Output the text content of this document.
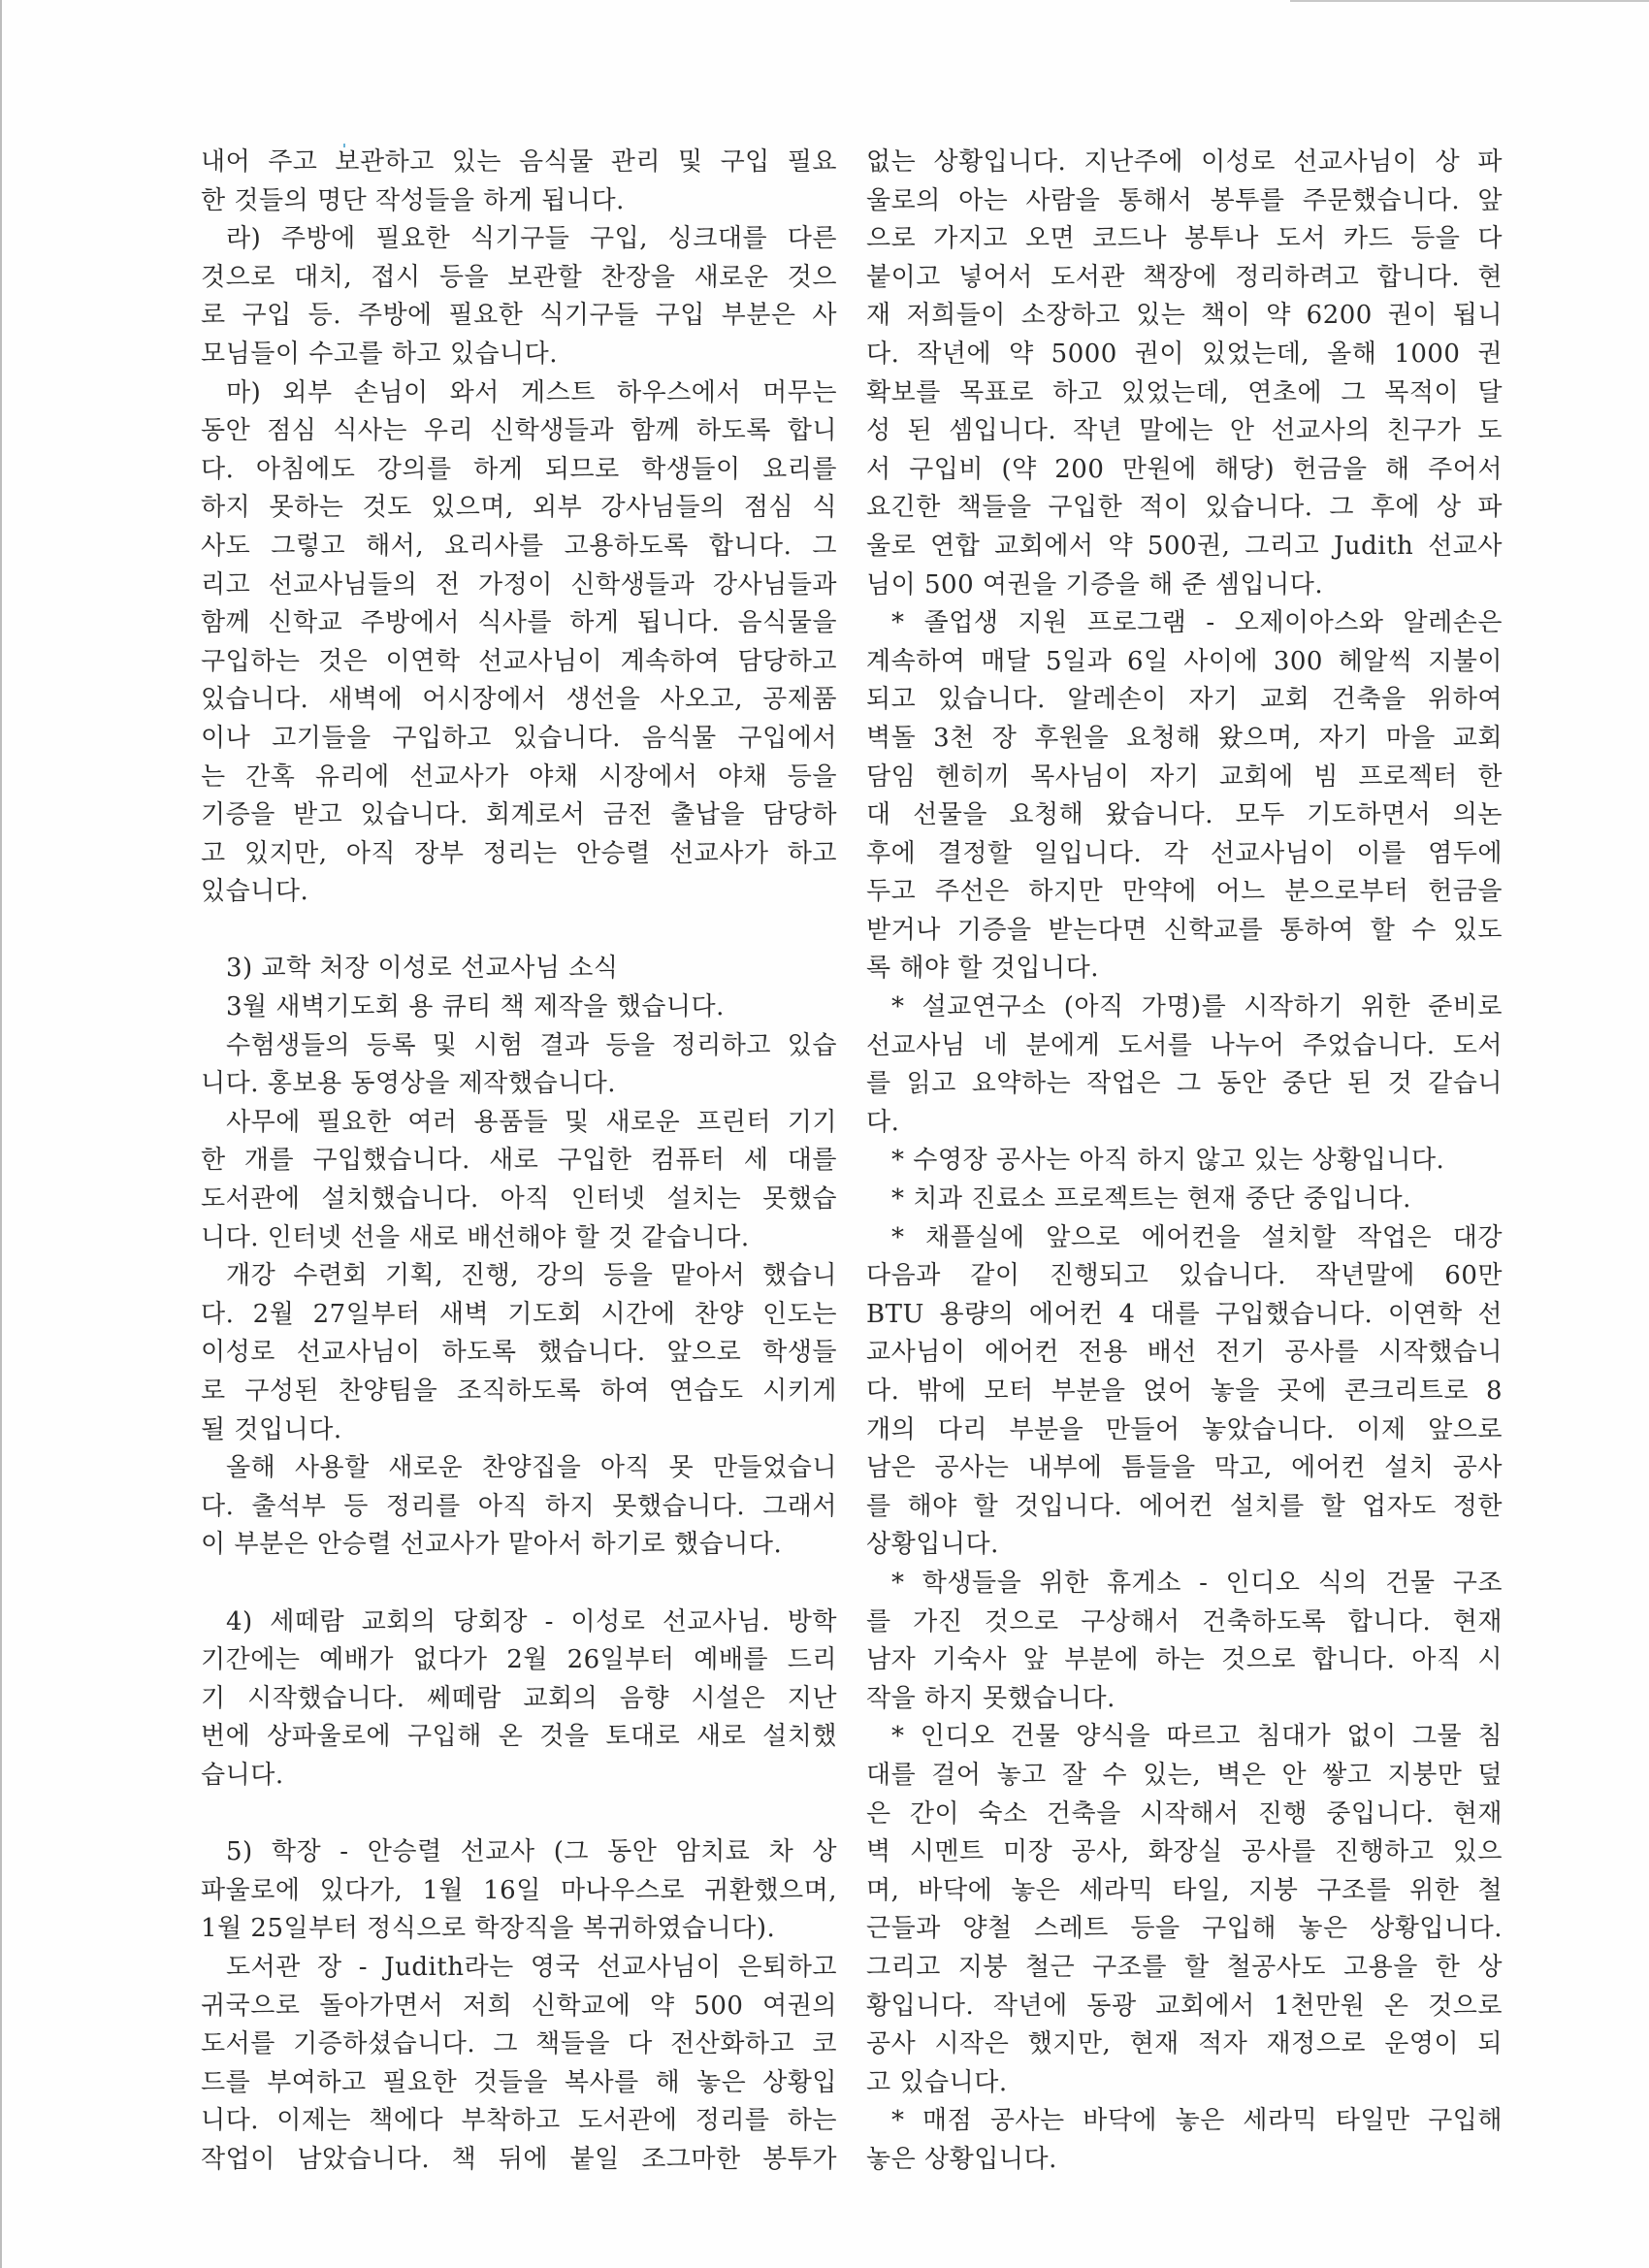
내어 주고 보관하고 있는 음식물 관리 및 구입 필요
한 것들의 명단 작성들을 하게 됩니다.
라) 주방에 필요한 식기구들 구입, 싱크대를 다른
것으로 대치, 접시 등을 보관할 찬장을 새로운 것으
로 구입 등. 주방에 필요한 식기구들 구입 부분은 사
모님들이 수고를 하고 있습니다.
마) 외부 손님이 와서 게스트 하우스에서 머무는
동안 점심 식사는 우리 신학생들과 함께 하도록 합니
다. 아침에도 강의를 하게 되므로 학생들이 요리를
하지 못하는 것도 있으며, 외부 강사님들의 점심 식
사도 그렇고 해서, 요리사를 고용하도록 합니다. 그
리고 선교사님들의 전 가정이 신학생들과 강사님들과
함께 신학교 주방에서 식사를 하게 됩니다. 음식물을
구입하는 것은 이연학 선교사님이 계속하여 담당하고
있습니다. 새벽에 어시장에서 생선을 사오고, 공제품
이나 고기들을 구입하고 있습니다. 음식물 구입에서
는 간혹 유리에 선교사가 야채 시장에서 야채 등을
기증을 받고 있습니다. 회계로서 금전 출납을 담당하
고 있지만, 아직 장부 정리는 안승렬 선교사가 하고
있습니다.
3) 교학 처장 이성로 선교사님 소식
3월 새벽기도회 용 큐티 책 제작을 했습니다.
수험생들의 등록 및 시험 결과 등을 정리하고 있습
니다. 홍보용 동영상을 제작했습니다.
사무에 필요한 여러 용품들 및 새로운 프린터 기기
한 개를 구입했습니다. 새로 구입한 컴퓨터 세 대를
도서관에 설치했습니다. 아직 인터넷 설치는 못했습
니다. 인터넷 선을 새로 배선해야 할 것 같습니다.
개강 수련회 기획, 진행, 강의 등을 맡아서 했습니
다. 2월 27일부터 새벽 기도회 시간에 찬양 인도는
이성로 선교사님이 하도록 했습니다. 앞으로 학생들
로 구성된 찬양팀을 조직하도록 하여 연습도 시키게
될 것입니다.
올해 사용할 새로운 찬양집을 아직 못 만들었습니
다. 출석부 등 정리를 아직 하지 못했습니다. 그래서
이 부분은 안승렬 선교사가 맡아서 하기로 했습니다.
4) 세떼람 교회의 당회장 - 이성로 선교사님. 방학
기간에는 예배가 없다가 2월 26일부터 예배를 드리
기 시작했습니다. 쎄떼람 교회의 음향 시설은 지난
번에 상파울로에 구입해 온 것을 토대로 새로 설치했
습니다.
5) 학장 - 안승렬 선교사 (그 동안 암치료 차 상
파울로에 있다가, 1월 16일 마나우스로 귀환했으며,
1월 25일부터 정식으로 학장직을 복귀하였습니다).
도서관 장 - Judith라는 영국 선교사님이 은퇴하고
귀국으로 돌아가면서 저희 신학교에 약 500 여권의
도서를 기증하셨습니다. 그 책들을 다 전산화하고 코
드를 부여하고 필요한 것들을 복사를 해 놓은 상황입
니다. 이제는 책에다 부착하고 도서관에 정리를 하는
작업이 남았습니다. 책 뒤에 붙일 조그마한 봉투가
없는 상황입니다. 지난주에 이성로 선교사님이 상 파
울로의 아는 사람을 통해서 봉투를 주문했습니다. 앞
으로 가지고 오면 코드나 봉투나 도서 카드 등을 다
붙이고 넣어서 도서관 책장에 정리하려고 합니다. 현
재 저희들이 소장하고 있는 책이 약 6200 권이 됩니
다. 작년에 약 5000 권이 있었는데, 올해 1000 권
확보를 목표로 하고 있었는데, 연초에 그 목적이 달
성 된 셈입니다. 작년 말에는 안 선교사의 친구가 도
서 구입비 (약 200 만원에 해당) 헌금을 해 주어서
요긴한 책들을 구입한 적이 있습니다. 그 후에 상 파
울로 연합 교회에서 약 500권, 그리고 Judith 선교사
님이 500 여권을 기증을 해 준 셈입니다.
* 졸업생 지원 프로그램 - 오제이아스와 알레손은
계속하여 매달 5일과 6일 사이에 300 헤알씩 지불이
되고 있습니다. 알레손이 자기 교회 건축을 위하여
벽돌 3천 장 후원을 요청해 왔으며, 자기 마을 교회
담임 헨히끼 목사님이 자기 교회에 빔 프로젝터 한
대 선물을 요청해 왔습니다. 모두 기도하면서 의논
후에 결정할 일입니다. 각 선교사님이 이를 염두에
두고 주선은 하지만 만약에 어느 분으로부터 헌금을
받거나 기증을 받는다면 신학교를 통하여 할 수 있도
록 해야 할 것입니다.
* 설교연구소 (아직 가명)를 시작하기 위한 준비로
선교사님 네 분에게 도서를 나누어 주었습니다. 도서
를 읽고 요약하는 작업은 그 동안 중단 된 것 같습니
다.
* 수영장 공사는 아직 하지 않고 있는 상황입니다.
* 치과 진료소 프로젝트는 현재 중단 중입니다.
* 채플실에 앞으로 에어컨을 설치할 작업은 대강
다음과 같이 진행되고 있습니다. 작년말에 60만
BTU 용량의 에어컨 4 대를 구입했습니다. 이연학 선
교사님이 에어컨 전용 배선 전기 공사를 시작했습니
다. 밖에 모터 부분을 얹어 놓을 곳에 콘크리트로 8
개의 다리 부분을 만들어 놓았습니다. 이제 앞으로
남은 공사는 내부에 틈들을 막고, 에어컨 설치 공사
를 해야 할 것입니다. 에어컨 설치를 할 업자도 정한
상황입니다.
* 학생들을 위한 휴게소 - 인디오 식의 건물 구조
를 가진 것으로 구상해서 건축하도록 합니다. 현재
남자 기숙사 앞 부분에 하는 것으로 합니다. 아직 시
작을 하지 못했습니다.
* 인디오 건물 양식을 따르고 침대가 없이 그물 침
대를 걸어 놓고 잘 수 있는, 벽은 안 쌓고 지붕만 덮
은 간이 숙소 건축을 시작해서 진행 중입니다. 현재
벽 시멘트 미장 공사, 화장실 공사를 진행하고 있으
며, 바닥에 놓은 세라믹 타일, 지붕 구조를 위한 철
근들과 양철 스레트 등을 구입해 놓은 상황입니다.
그리고 지붕 철근 구조를 할 철공사도 고용을 한 상
황입니다. 작년에 동광 교회에서 1천만원 온 것으로
공사 시작은 했지만, 현재 적자 재정으로 운영이 되
고 있습니다.
* 매점 공사는 바닥에 놓은 세라믹 타일만 구입해
놓은 상황입니다.
